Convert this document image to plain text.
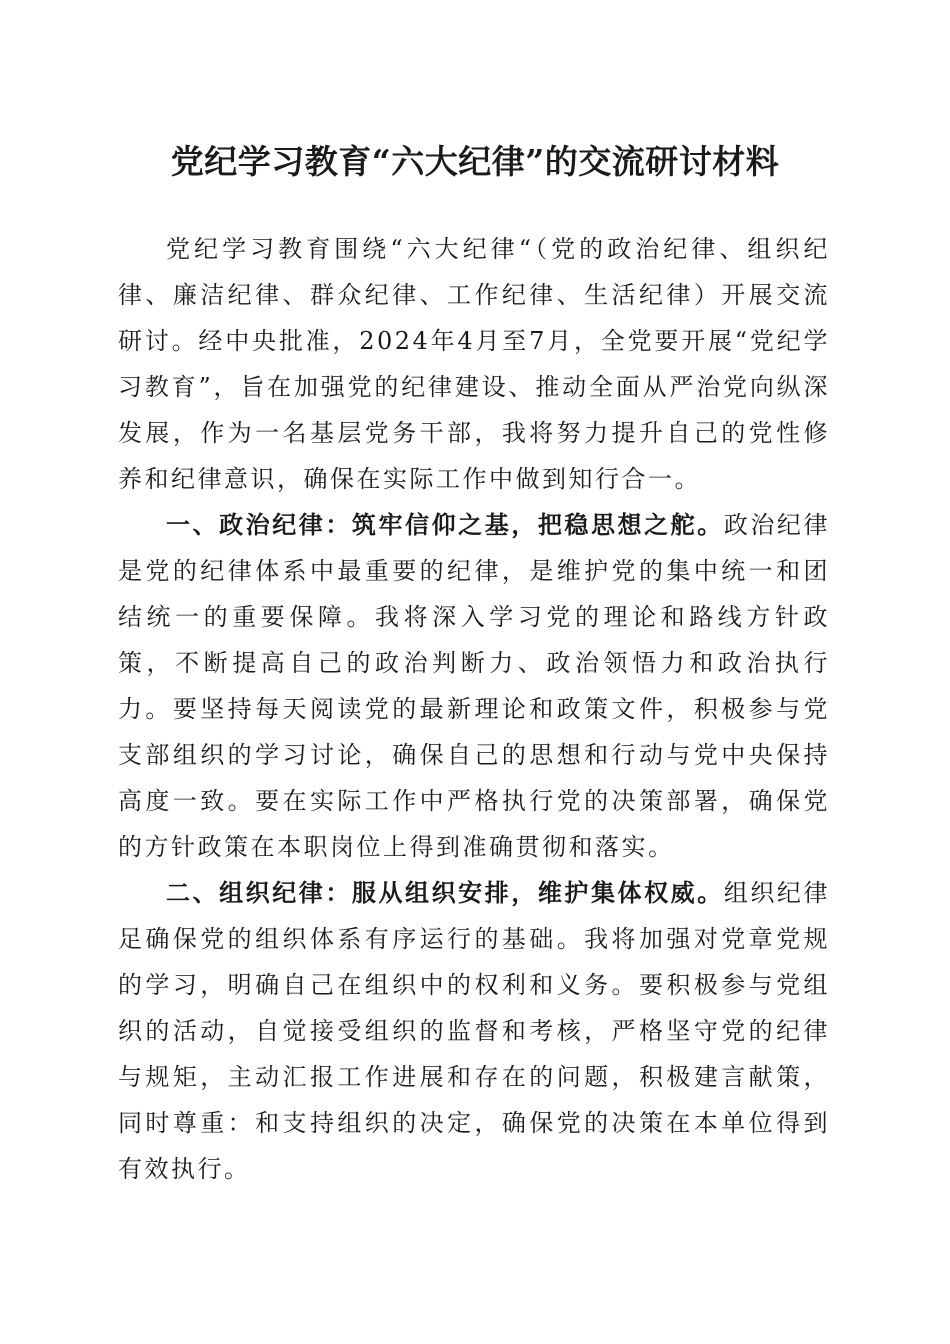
党纪学习教育“六大纪律”的交流研讨材料

党纪学习教育围绕“六大纪律“（党的政治纪律、组织纪律、廉洁纪律、群众纪律、工作纪律、生活纪律）开展交流研讨。经中央批准，2024年4月至7月，全党要开展“党纪学习教育”，旨在加强党的纪律建设、推动全面从严治党向纵深发展，作为一名基层党务干部，我将努力提升自己的党性修养和纪律意识，确保在实际工作中做到知行合一。

一、政治纪律：筑牢信仰之基，把稳思想之舵。政治纪律是党的纪律体系中最重要的纪律，是维护党的集中统一和团结统一的重要保障。我将深入学习党的理论和路线方针政策，不断提高自己的政治判断力、政治领悟力和政治执行力。要坚持每天阅读党的最新理论和政策文件，积极参与党支部组织的学习讨论，确保自己的思想和行动与党中央保持高度一致。要在实际工作中严格执行党的决策部署，确保党的方针政策在本职岗位上得到准确贯彻和落实。

二、组织纪律：服从组织安排，维护集体权威。组织纪律足确保党的组织体系有序运行的基础。我将加强对党章党规的学习，明确自己在组织中的权利和义务。要积极参与党组织的活动，自觉接受组织的监督和考核，严格坚守党的纪律与规矩，主动汇报工作进展和存在的问题，积极建言献策，同时尊重：和支持组织的决定，确保党的决策在本单位得到有效执行。
